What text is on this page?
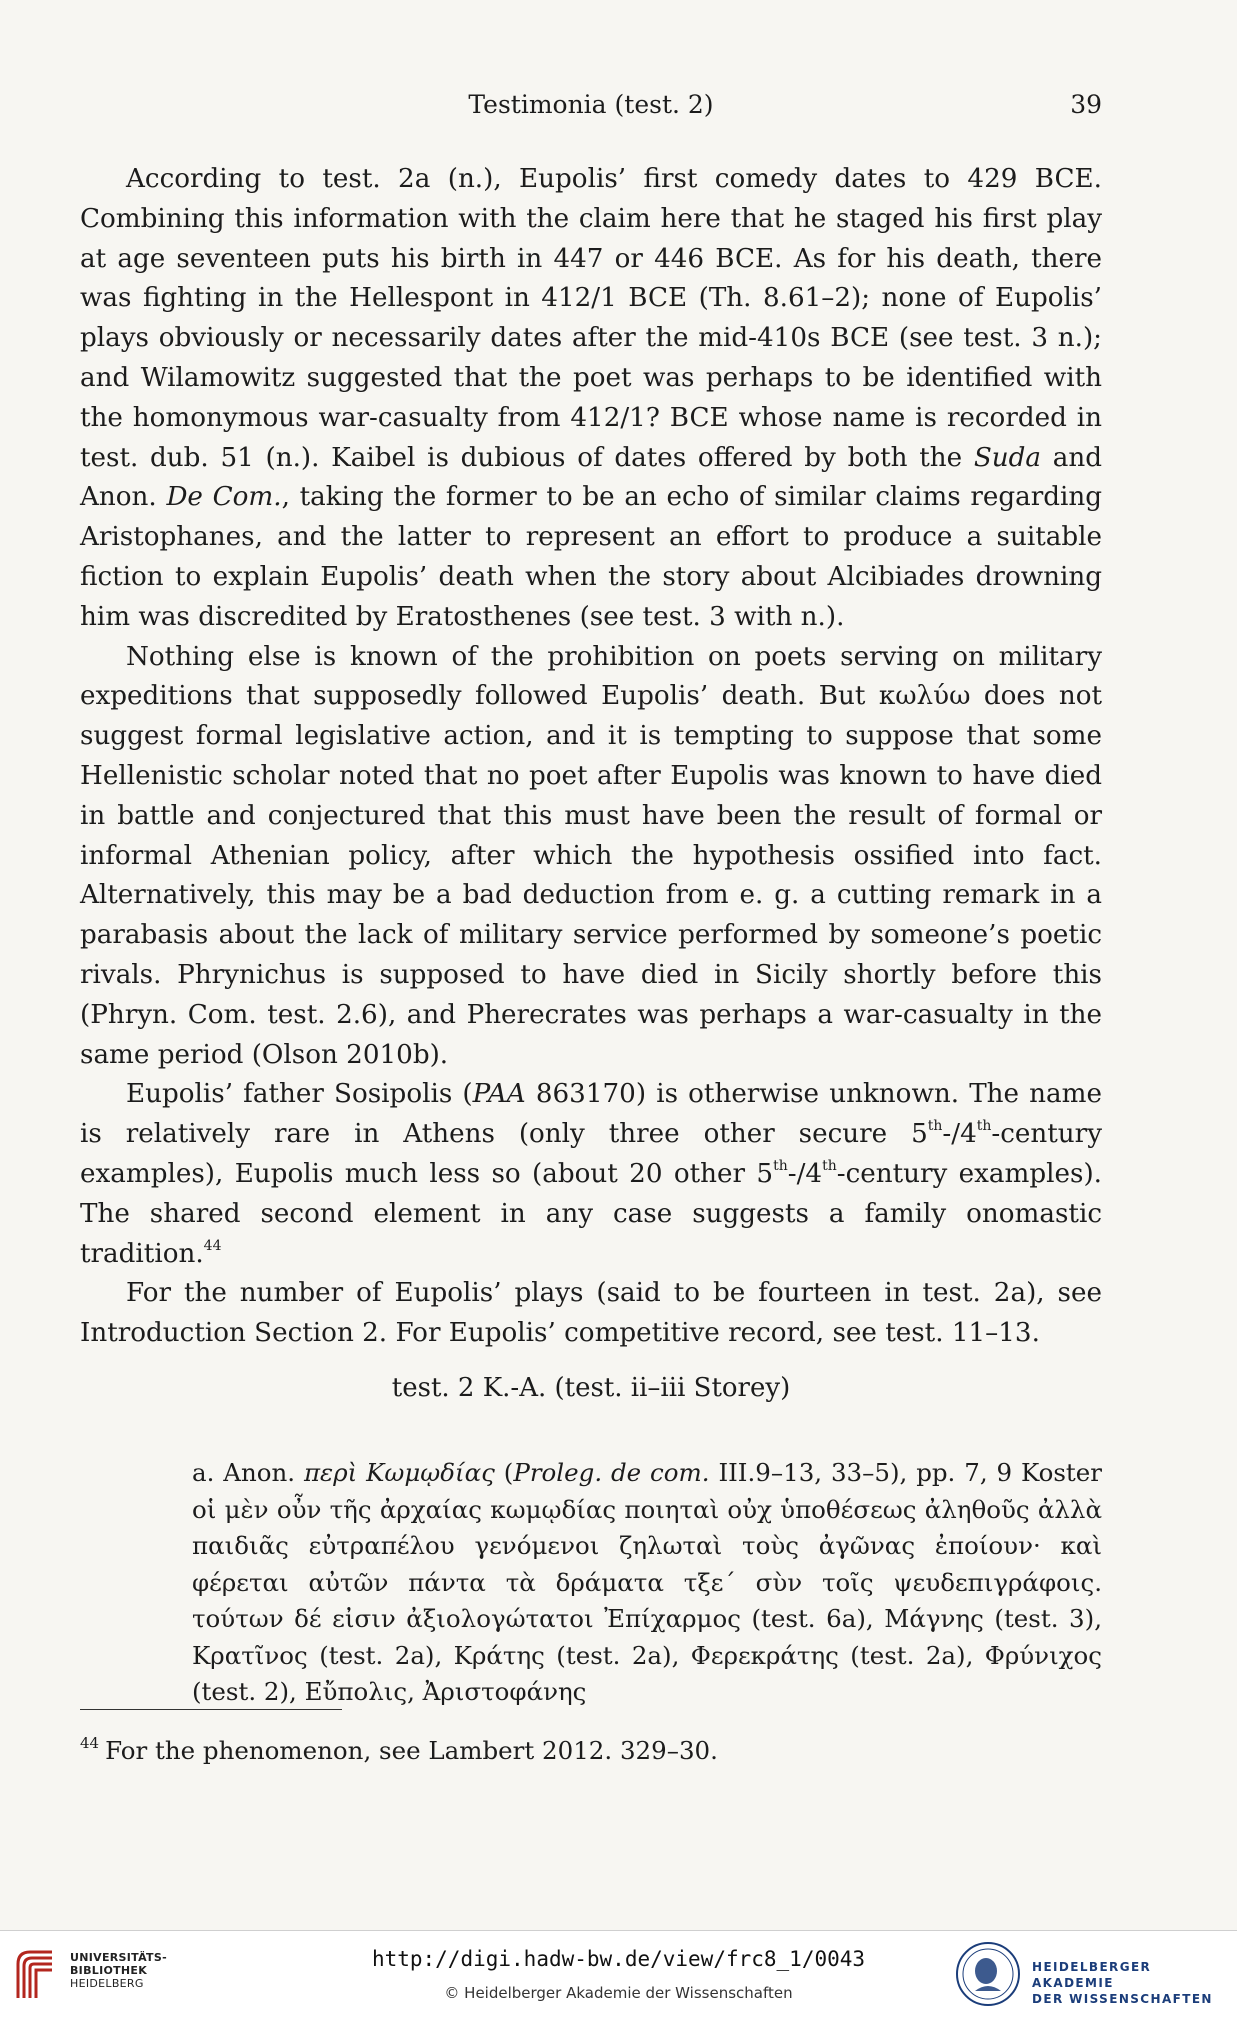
Testimonia (test. 2)	39

According to test. 2a (n.), Eupolis’ first comedy dates to 429 BCE. Combining this information with the claim here that he staged his first play at age seventeen puts his birth in 447 or 446 BCE. As for his death, there was fighting in the Hellespont in 412/1 BCE (Th. 8.61–2); none of Eupolis’ plays obviously or necessarily dates after the mid-410s BCE (see test. 3 n.); and Wilamowitz suggested that the poet was perhaps to be identified with the homonymous war-casualty from 412/1? BCE whose name is recorded in test. dub. 51 (n.). Kaibel is dubious of dates offered by both the Suda and Anon. De Com., taking the former to be an echo of similar claims regarding Aristophanes, and the latter to represent an effort to produce a suitable fiction to explain Eupolis’ death when the story about Alcibiades drowning him was discredited by Eratosthenes (see test. 3 with n.).

Nothing else is known of the prohibition on poets serving on military expeditions that supposedly followed Eupolis’ death. But κωλύω does not suggest formal legislative action, and it is tempting to suppose that some Hellenistic scholar noted that no poet after Eupolis was known to have died in battle and conjectured that this must have been the result of formal or informal Athenian policy, after which the hypothesis ossified into fact. Alternatively, this may be a bad deduction from e. g. a cutting remark in a parabasis about the lack of military service performed by someone’s poetic rivals. Phrynichus is supposed to have died in Sicily shortly before this (Phryn. Com. test. 2.6), and Pherecrates was perhaps a war-casualty in the same period (Olson 2010b).

Eupolis’ father Sosipolis (PAA 863170) is otherwise unknown. The name is relatively rare in Athens (only three other secure 5th-/4th-century examples), Eupolis much less so (about 20 other 5th-/4th-century examples). The shared second element in any case suggests a family onomastic tradition.$^{44}$

For the number of Eupolis’ plays (said to be fourteen in test. 2a), see Introduction Section 2. For Eupolis’ competitive record, see test. 11–13.

test. 2 K.-A. (test. ii–iii Storey)

a. Anon. περὶ Κωμῳδίας (Proleg. de com. III.9–13, 33–5), pp. 7, 9 Koster oἱ μὲν οὖν τῆς ἀρχαίας κωμῳδίας ποιηταὶ οὐχ ὑποθέσεως ἀληθοῦς ἀλλὰ παιδιᾶς εὐτραπέλου γενόμενοι ζηλωταὶ τοὺς ἀγῶνας ἐποίουν· καὶ φέρεται αὐτῶν πάντα τὰ δράματα τξε΄ σὺν τοῖς ψευδεπιγράφοις. τούτων δέ εἰσιν ἀξιολογώτατοι Ἐπίχαρμος (test. 6a), Μάγνης (test. 3), Κρατῖνος (test. 2a), Κράτης (test. 2a), Φερεκράτης (test. 2a), Φρύνιχος (test. 2), Εὔπολις, Ἀριστοφάνης

$^{44}$ For the phenomenon, see Lambert 2012. 329–30.
UNIVERSITÄTS-
BIBLIOTHEK
HEIDELBERG
http://digi.hadw-bw.de/view/frc8_1/0043
© Heidelberger Akademie der Wissenschaften
HEIDELBERGER AKADEMIE
DER WISSENSCHAFTEN
